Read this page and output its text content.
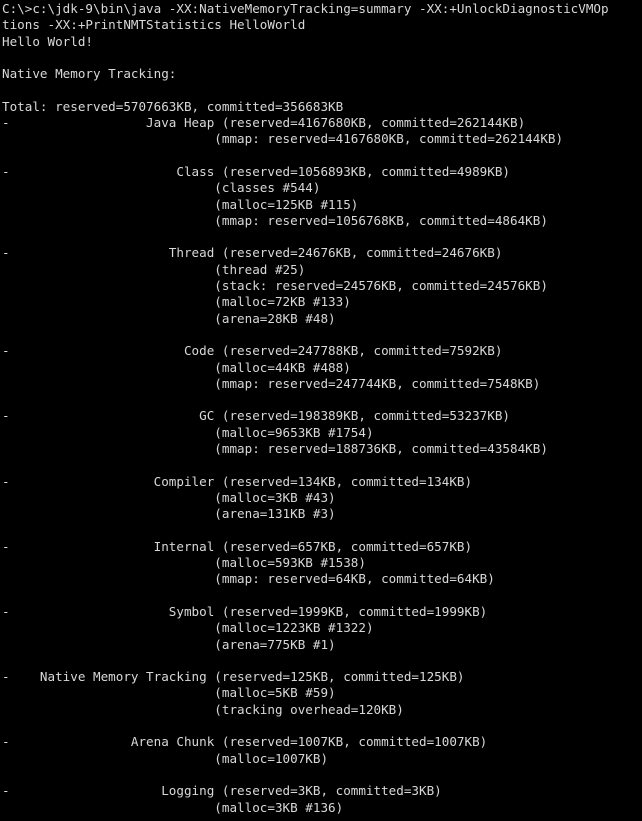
C:\>c:\jdk-9\bin\java -XX:NativeMemoryTracking=summary -XX:+UnlockDiagnosticVMOp
tions -XX:+PrintNMTStatistics HelloWorld
Hello World!

Native Memory Tracking:

Total: reserved=5707663KB, committed=356683KB
-                  Java Heap (reserved=4167680KB, committed=262144KB)
(mmap: reserved=4167680KB, committed=262144KB)

-                      Class (reserved=1056893KB, committed=4989KB)
(classes #544)
(malloc=125KB #115)
(mmap: reserved=1056768KB, committed=4864KB)

-                     Thread (reserved=24676KB, committed=24676KB)
(thread #25)
(stack: reserved=24576KB, committed=24576KB)
(malloc=72KB #133)
(arena=28KB #48)

-                       Code (reserved=247788KB, committed=7592KB)
(malloc=44KB #488)
(mmap: reserved=247744KB, committed=7548KB)

-                         GC (reserved=198389KB, committed=53237KB)
(malloc=9653KB #1754)
(mmap: reserved=188736KB, committed=43584KB)

-                   Compiler (reserved=134KB, committed=134KB)
(malloc=3KB #43)
(arena=131KB #3)

-                   Internal (reserved=657KB, committed=657KB)
(malloc=593KB #1538)
(mmap: reserved=64KB, committed=64KB)

-                     Symbol (reserved=1999KB, committed=1999KB)
(malloc=1223KB #1322)
(arena=775KB #1)

-    Native Memory Tracking (reserved=125KB, committed=125KB)
(malloc=5KB #59)
(tracking overhead=120KB)

-                Arena Chunk (reserved=1007KB, committed=1007KB)
(malloc=1007KB)

-                    Logging (reserved=3KB, committed=3KB)
(malloc=3KB #136)
